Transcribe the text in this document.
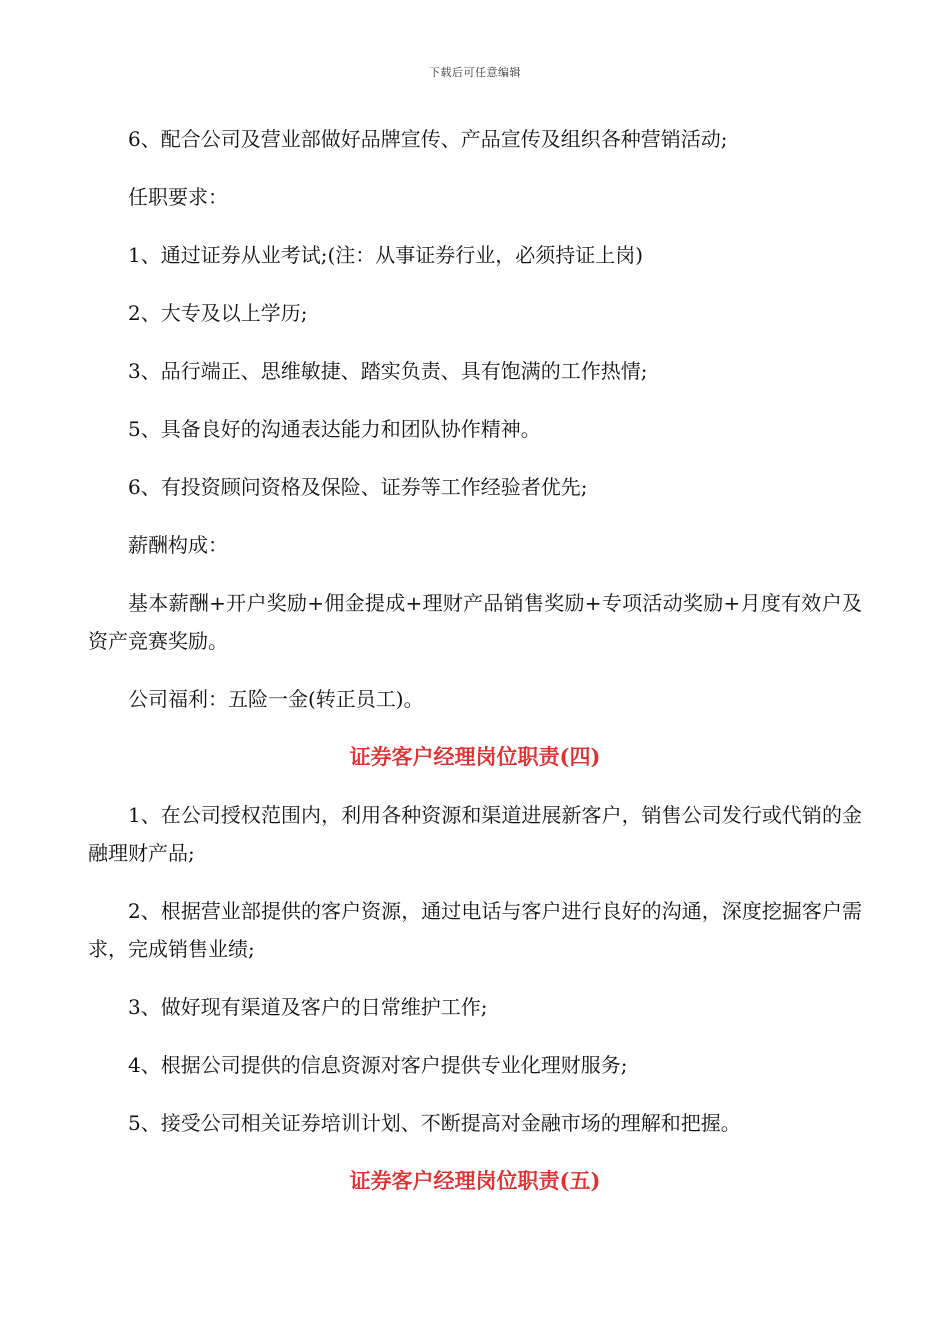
下载后可任意编辑

6、配合公司及营业部做好品牌宣传、产品宣传及组织各种营销活动;

任职要求：

1、通过证券从业考试;(注：从事证券行业，必须持证上岗)

2、大专及以上学历;

3、品行端正、思维敏捷、踏实负责、具有饱满的工作热情;

5、具备良好的沟通表达能力和团队协作精神。

6、有投资顾问资格及保险、证券等工作经验者优先;

薪酬构成：

基本薪酬+开户奖励+佣金提成+理财产品销售奖励+专项活动奖励+月度有效户及资产竞赛奖励。

公司福利：五险一金(转正员工)。

证券客户经理岗位职责(四)

1、在公司授权范围内，利用各种资源和渠道进展新客户，销售公司发行或代销的金融理财产品;

2、根据营业部提供的客户资源，通过电话与客户进行良好的沟通，深度挖掘客户需求，完成销售业绩;

3、做好现有渠道及客户的日常维护工作;

4、根据公司提供的信息资源对客户提供专业化理财服务;

5、接受公司相关证券培训计划、不断提高对金融市场的理解和把握。

证券客户经理岗位职责(五)
